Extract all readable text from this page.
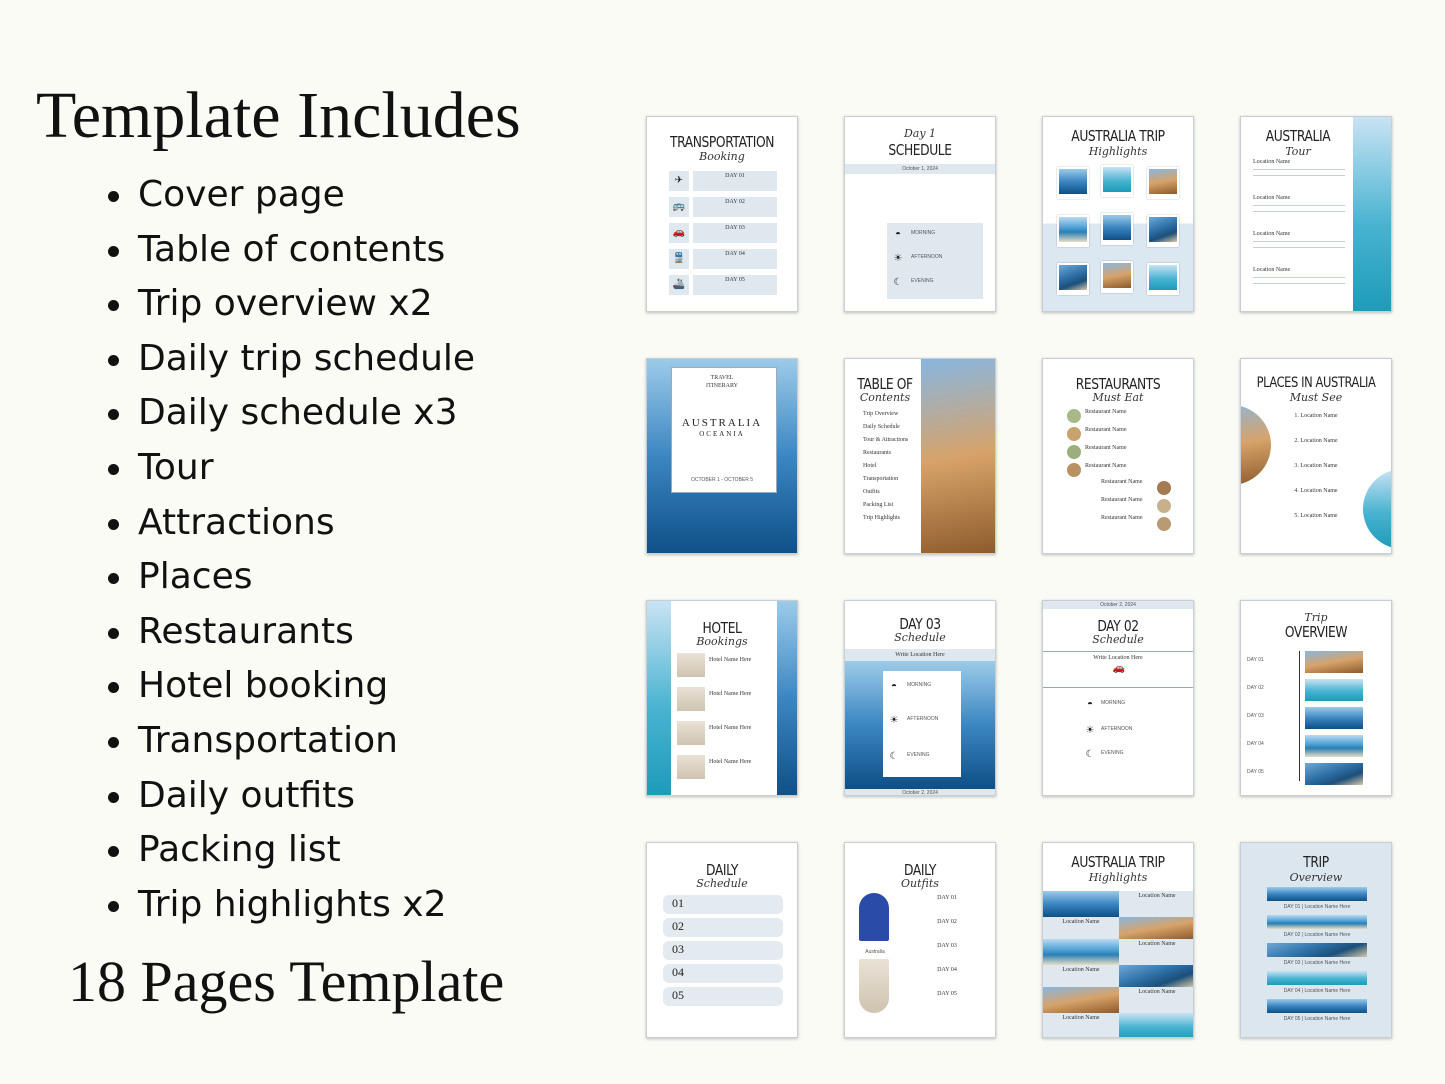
Template Includes
Cover page
Table of contents
Trip overview x2
Daily trip schedule
Daily schedule x3
Tour
Attractions
Places
Restaurants
Hotel booking
Transportation
Daily outfits
Packing list
Trip highlights x2
18 Pages Template
TRANSPORTATION
Booking
✈	DAY 01
🚌	DAY 02
🚗	DAY 03
🚆	DAY 04
🚢	DAY 05
Day 1
SCHEDULE
October 1, 2024
◓	MORNING
☀	AFTERNOON
☾	EVENING
AUSTRALIA TRIP
Highlights
AUSTRALIA
Tour
Location Name
Location Name
Location Name
Location Name
TRAVEL
ITINERARY
AUSTRALIA
OCEANIA
OCTOBER 1 - OCTOBER 5
TABLE OF
Contents
Trip Overview
Daily Schedule
Tour & Attractions
Restaurants
Hotel
Transportation
Outfits
Packing List
Trip Highlights
RESTAURANTS
Must Eat
Restaurant Name
Restaurant Name
Restaurant Name
Restaurant Name
Restaurant Name
Restaurant Name
Restaurant Name
PLACES IN AUSTRALIA
Must See
1. Location Name
2. Location Name
3. Location Name
4. Location Name
5. Location Name
HOTEL
Bookings
Hotel Name Here
Hotel Name Here
Hotel Name Here
Hotel Name Here
DAY 03
Schedule
Write Location Here
◓	MORNING
☀	AFTERNOON
☾	EVENING
October 2, 2024
October 2, 2024
DAY 02
Schedule
Write Location Here
🚗
◓	MORNING
☀	AFTERNOON
☾	EVENING
Trip
OVERVIEW
DAY 01
DAY 02
DAY 03
DAY 04
DAY 05
DAILY
Schedule
01
02
03
04
05
DAILY
Outfits
Australia
DAY 01
DAY 02
DAY 03
DAY 04
DAY 05
AUSTRALIA TRIP
Highlights
Location Name
Location Name
Location Name
Location Name
Location Name
Location Name
TRIP
Overview
DAY 01 | Location Name Here
DAY 02 | Location Name Here
DAY 03 | Location Name Here
DAY 04 | Location Name Here
DAY 05 | Location Name Here
